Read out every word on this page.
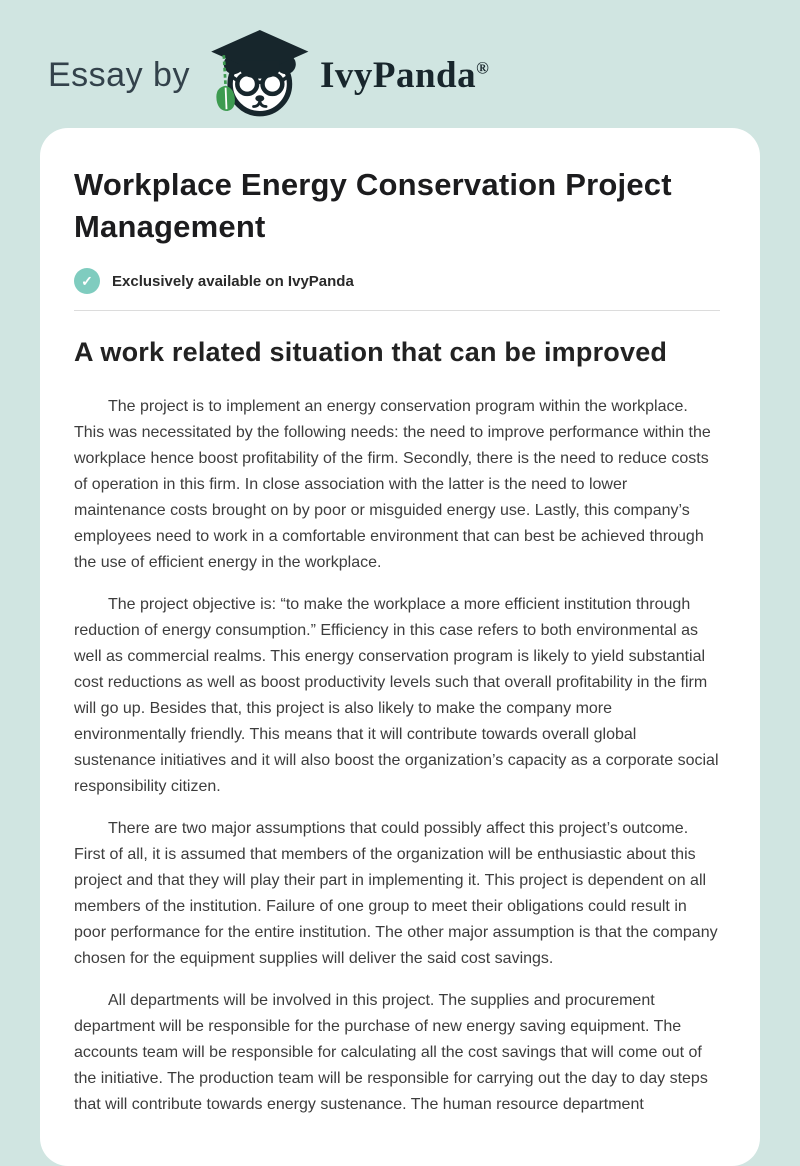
Essay by	IvyPanda®
Workplace Energy Conservation Project Management
✓	Exclusively available on IvyPanda
A work related situation that can be improved

The project is to implement an energy conservation program within the workplace. This was necessitated by the following needs: the need to improve performance within the workplace hence boost profitability of the firm. Secondly, there is the need to reduce costs of operation in this firm. In close association with the latter is the need to lower maintenance costs brought on by poor or misguided energy use. Lastly, this company’s employees need to work in a comfortable environment that can best be achieved through the use of efficient energy in the workplace.

The project objective is: “to make the workplace a more efficient institution through reduction of energy consumption.” Efficiency in this case refers to both environmental as well as commercial realms. This energy conservation program is likely to yield substantial cost reductions as well as boost productivity levels such that overall profitability in the firm will go up. Besides that, this project is also likely to make the company more environmentally friendly. This means that it will contribute towards overall global sustenance initiatives and it will also boost the organization’s capacity as a corporate social responsibility citizen.

There are two major assumptions that could possibly affect this project’s outcome. First of all, it is assumed that members of the organization will be enthusiastic about this project and that they will play their part in implementing it. This project is dependent on all members of the institution. Failure of one group to meet their obligations could result in poor performance for the entire institution. The other major assumption is that the company chosen for the equipment supplies will deliver the said cost savings.

All departments will be involved in this project. The supplies and procurement department will be responsible for the purchase of new energy saving equipment. The accounts team will be responsible for calculating all the cost savings that will come out of the initiative. The production team will be responsible for carrying out the day to day steps that will contribute towards energy sustenance. The human resource department
